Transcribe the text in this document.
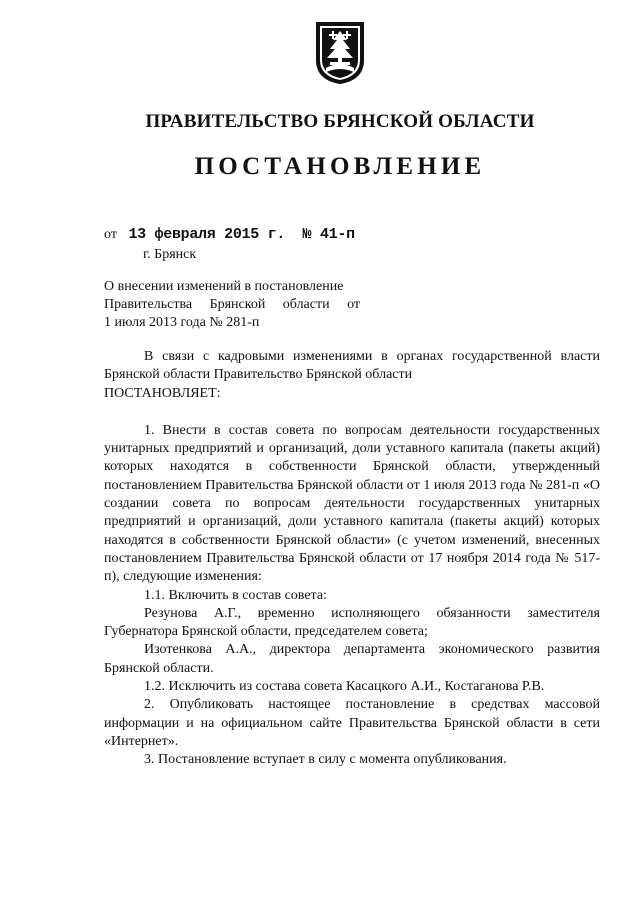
ПРАВИТЕЛЬСТВО БРЯНСКОЙ ОБЛАСТИ
ПОСТАНОВЛЕНИЕ
от 13 февраля 2015 г. № 41-п
г. Брянск
О внесении изменений в постановление
Правительства Брянской области от
1 июля 2013 года № 281-п

В связи с кадровыми изменениями в органах государственной власти Брянской области Правительство Брянской области

ПОСТАНОВЛЯЕТ:

1. Внести в состав совета по вопросам деятельности государственных унитарных предприятий и организаций, доли уставного капитала (пакеты акций) которых находятся в собственности Брянской области, утвержденный постановлением Правительства Брянской области от 1 июля 2013 года № 281-п «О создании совета по вопросам деятельности государственных унитарных предприятий и организаций, доли уставного капитала (пакеты акций) которых находятся в собственности Брянской области» (с учетом изменений, внесенных постановлением Правительства Брянской области от 17 ноября 2014 года № 517-п), следующие изменения:

1.1. Включить в состав совета:

Резунова А.Г., временно исполняющего обязанности заместителя Губернатора Брянской области, председателем совета;

Изотенкова А.А., директора департамента экономического развития Брянской области.

1.2. Исключить из состава совета Касацкого А.И., Костаганова Р.В.

2. Опубликовать настоящее постановление в средствах массовой информации и на официальном сайте Правительства Брянской области в сети «Интернет».

3. Постановление вступает в силу с момента опубликования.
